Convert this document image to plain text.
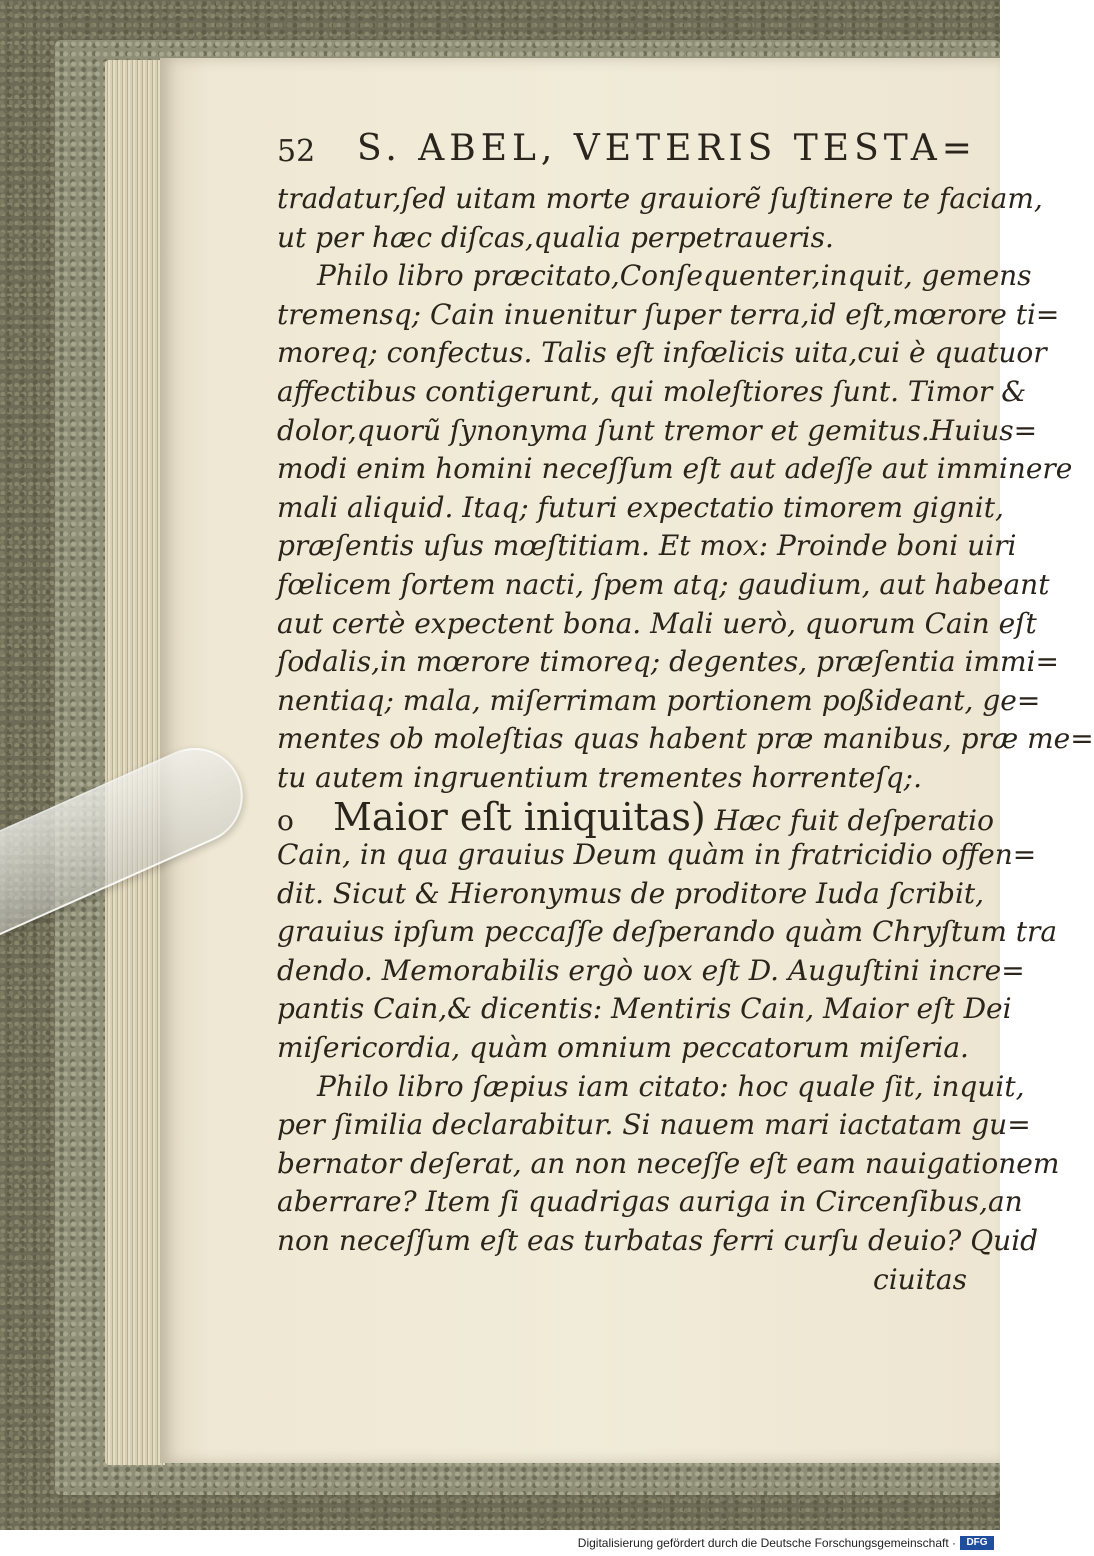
52 S. ABEL, VETERIS TESTA=
tradatur,ſed uitam morte grauiorẽ ſuſtinere te faciam,
ut per hæc diſcas,qualia perpetraueris.
Philo libro præcitato,Conſequenter,inquit, gemens
tremensq; Cain inuenitur ſuper terra,id eſt,mœrore ti=
moreq; confectus. Talis eſt infœlicis uita,cui è quatuor
affectibus contigerunt, qui moleſtiores ſunt. Timor &
dolor,quorũ ſynonyma ſunt tremor et gemitus.Huius=
modi enim homini neceſſum eſt aut adeſſe aut imminere
mali aliquid. Itaq; futuri expectatio timorem gignit,
præſentis uſus mœſtitiam. Et mox: Proinde boni uiri
fœlicem ſortem nacti, ſpem atq; gaudium, aut habeant
aut certè expectent bona. Mali uerò, quorum Cain eſt
ſodalis,in mœrore timoreq; degentes, præſentia immi=
nentiaq; mala, miſerrimam portionem poßideant, ge=
mentes ob moleſtias quas habent præ manibus, præ me=
tu autem ingruentium trementes horrenteſq;.
o Maior eſt iniquitas) Hæc fuit deſperatio
Cain, in qua grauius Deum quàm in fratricidio offen=
dit. Sicut & Hieronymus de proditore Iuda ſcribit,
grauius ipſum peccaſſe deſperando quàm Chryſtum tra
dendo. Memorabilis ergò uox eſt D. Auguſtini incre=
pantis Cain,& dicentis: Mentiris Cain, Maior eſt Dei
miſericordia, quàm omnium peccatorum miſeria.
Philo libro ſæpius iam citato: hoc quale ſit, inquit,
per ſimilia declarabitur. Si nauem mari iactatam gu=
bernator deſerat, an non neceſſe eſt eam nauigationem
aberrare? Item ſi quadrigas auriga in Circenſibus,an
non neceſſum eſt eas turbatas ferri curſu deuio? Quid
ciuitas
Digitalisierung gefördert durch die Deutsche Forschungsgemeinschaft ·	DFG
